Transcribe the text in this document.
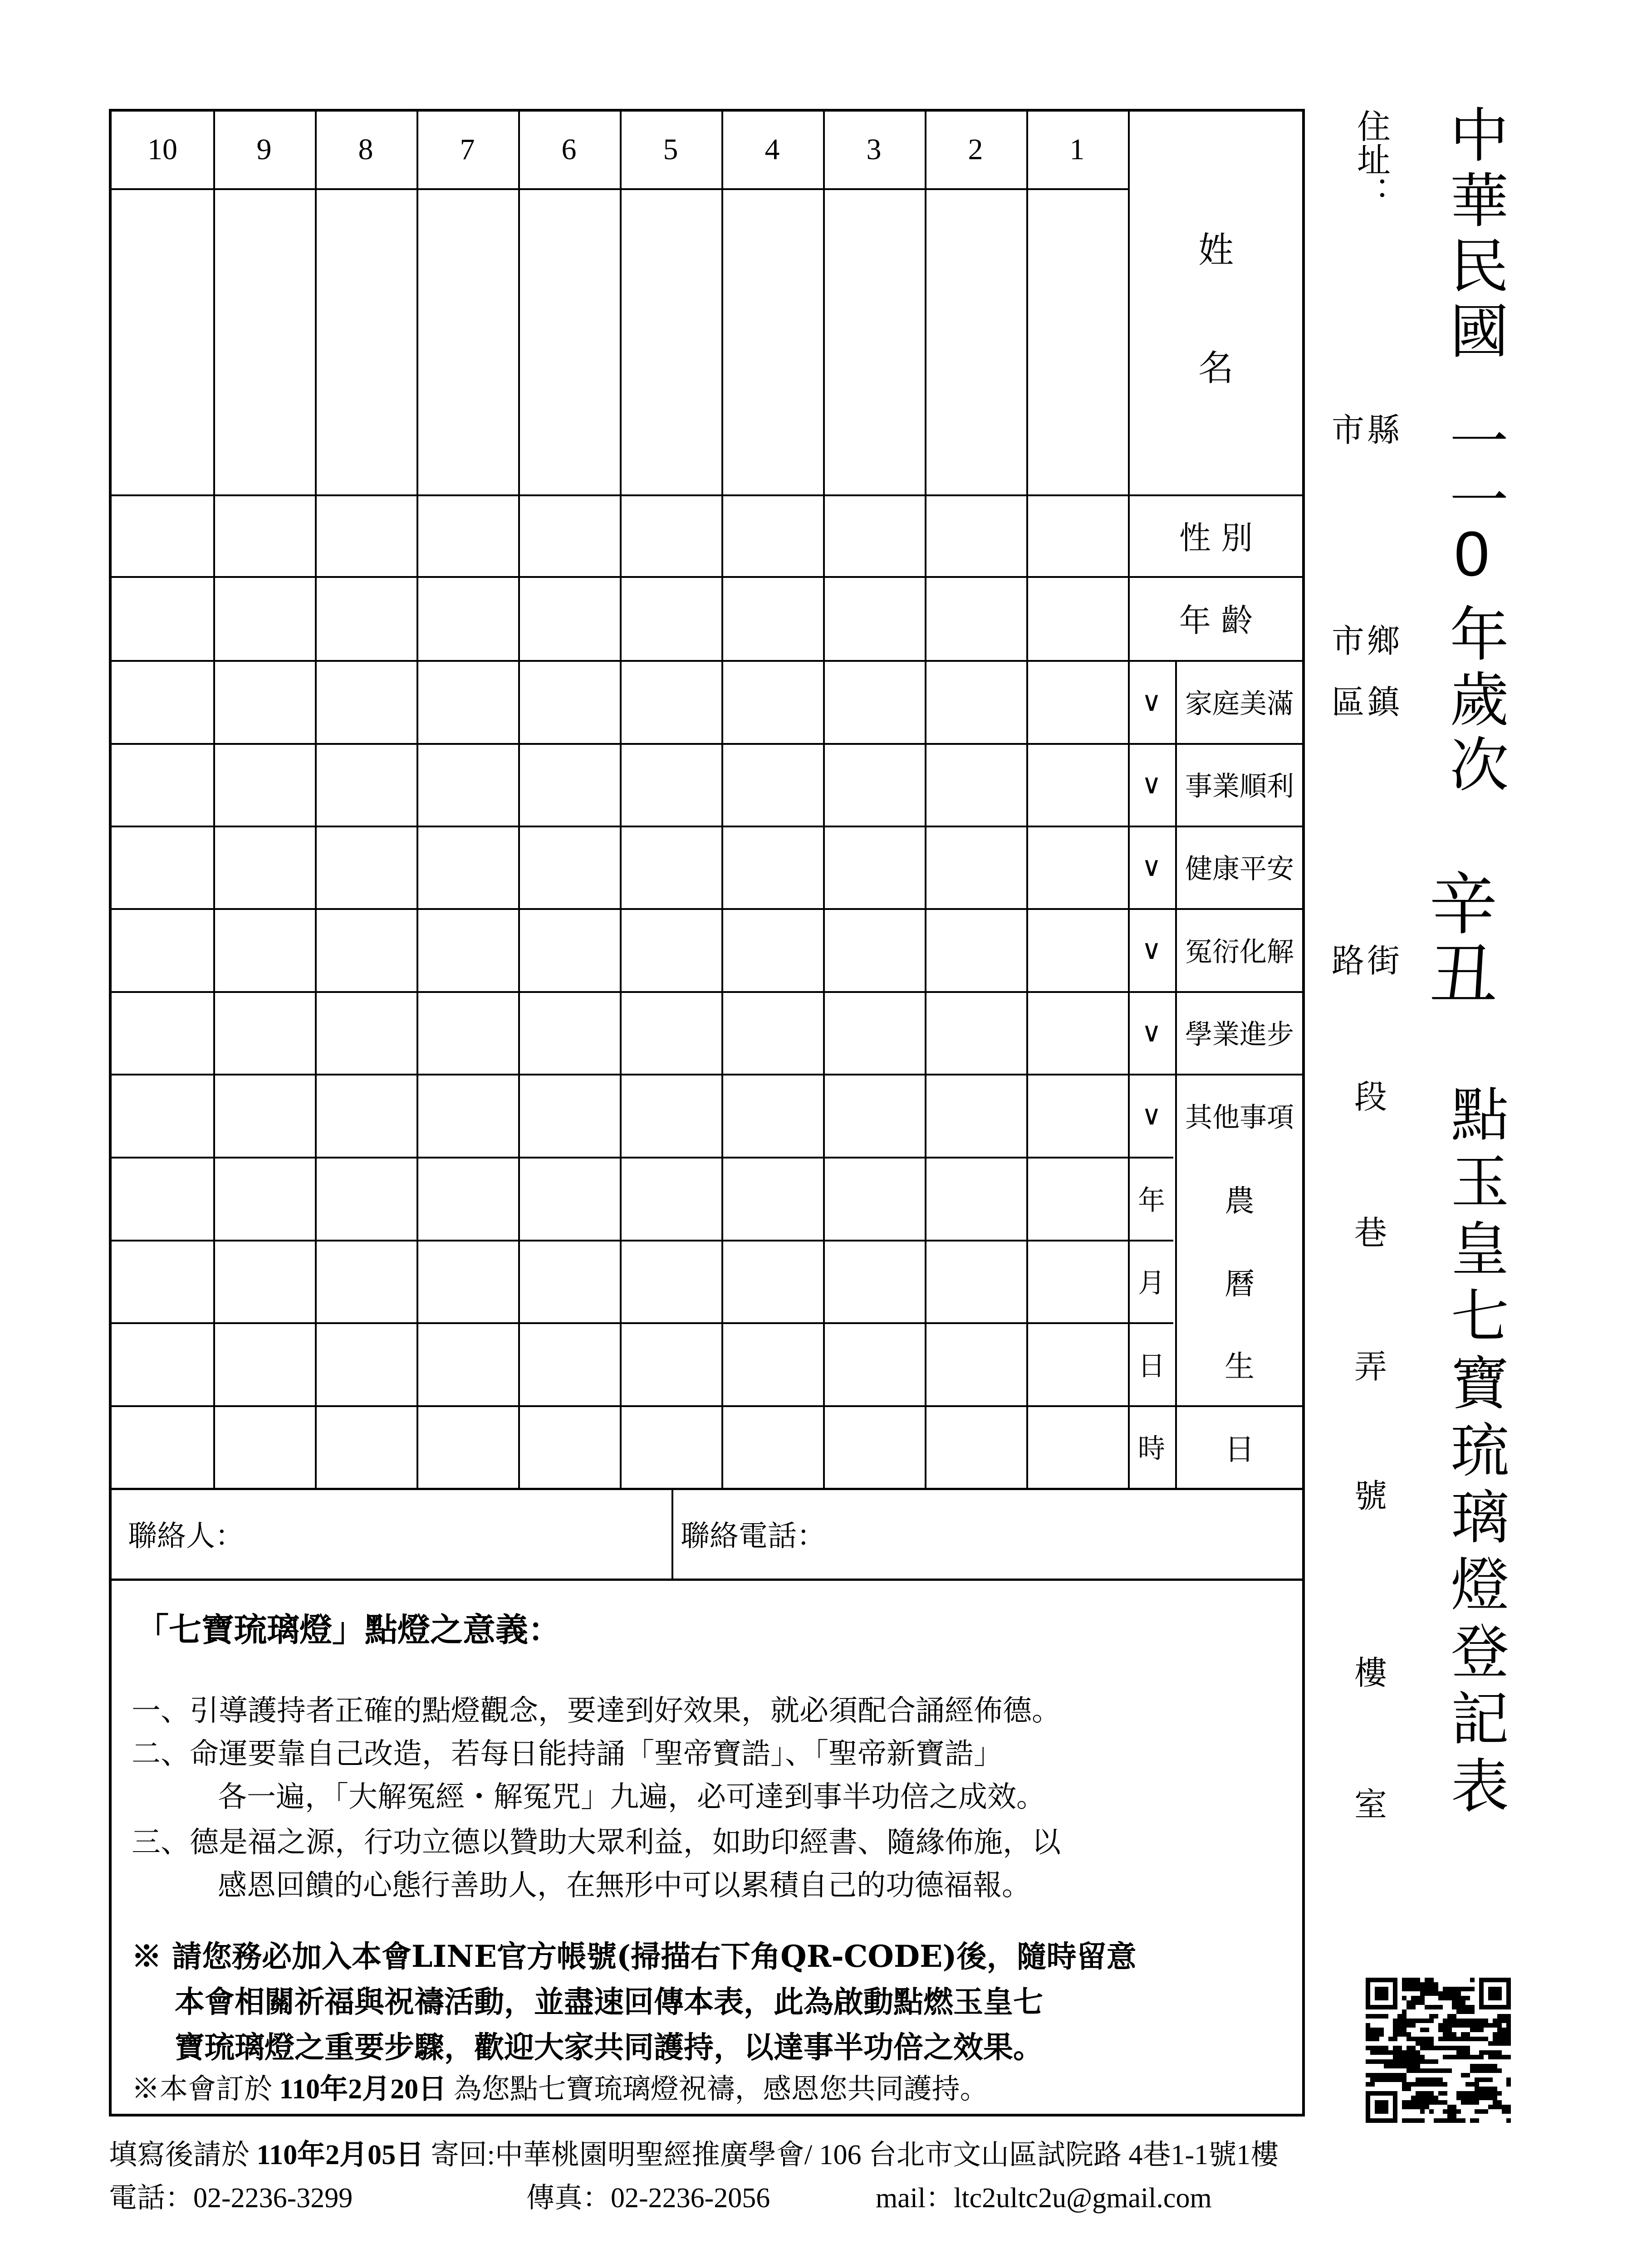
10	9	8	7	6	5	4	3	2	1
姓
名
性 別
年 齡
∨ 家庭美滿
∨ 事業順利
∨ 健康平安
∨ 冤衍化解
∨ 學業進步
∨ 其他事項
年	農
月	曆
日	生
時	日
聯絡人：	聯絡電話：
「七寶琉璃燈」點燈之意義：
一、引導護持者正確的點燈觀念，要達到好效果，就必須配合誦經佈德。
二、命運要靠自己改造，若每日能持誦「聖帝寶誥」、「聖帝新寶誥」
各一遍，「大解冤經・解冤咒」九遍，必可達到事半功倍之成效。
三、德是福之源，行功立德以贊助大眾利益，如助印經書、隨緣佈施，以
感恩回饋的心態行善助人，在無形中可以累積自己的功德福報。
※ 請您務必加入本會LINE官方帳號(掃描右下角QR-CODE)後，隨時留意
本會相關祈福與祝禱活動，並盡速回傳本表，此為啟動點燃玉皇七
寶琉璃燈之重要步驟，歡迎大家共同護持，以達事半功倍之效果。
※本會訂於 110年2月20日 為您點七寶琉璃燈祝禱，感恩您共同護持。
住址：
市縣
市鄉
區鎮
路街
段
巷
弄
號
樓
室
中華民國
一
一
0
年歲次
辛
丑
點玉皇七寶琉璃燈登記表
填寫後請於 110年2月05日 寄回:中華桃園明聖經推廣學會/ 106 台北市文山區試院路 4巷1-1號1樓
電話：02-2236-3299	傳真：02-2236-2056	mail：ltc2ultc2u@gmail.com
